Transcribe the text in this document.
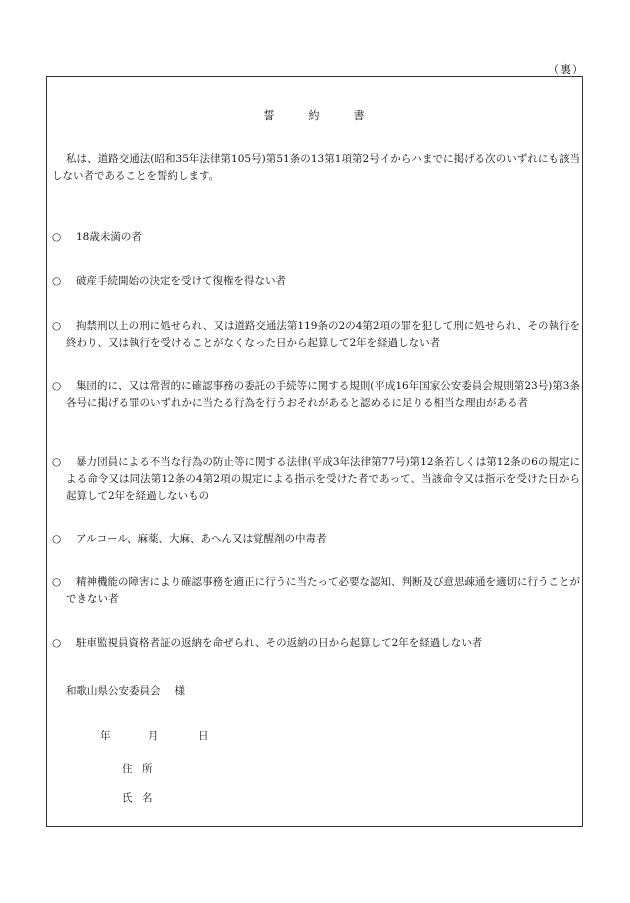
（裏）
誓	約	書

私は、道路交通法(昭和35年法律第105号)第51条の13第1項第2号イからハまでに掲げる次のいずれにも該当しない者であることを誓約します。

○ 18歳未満の者

○ 破産手続開始の決定を受けて復権を得ない者

○ 拘禁刑以上の刑に処せられ、又は道路交通法第119条の2の4第2項の罪を犯して刑に処せられ、その執行を終わり、又は執行を受けることがなくなった日から起算して2年を経過しない者

○ 集団的に、又は常習的に確認事務の委託の手続等に関する規則(平成16年国家公安委員会規則第23号)第3条各号に掲げる罪のいずれかに当たる行為を行うおそれがあると認めるに足りる相当な理由がある者

○ 暴力団員による不当な行為の防止等に関する法律(平成3年法律第77号)第12条若しくは第12条の6の規定による命令又は同法第12条の4第2項の規定による指示を受けた者であって、当該命令又は指示を受けた日から起算して2年を経過しないもの

○ アルコール、麻薬、大麻、あへん又は覚醒剤の中毒者

○ 精神機能の障害により確認事務を適正に行うに当たって必要な認知、判断及び意思疎通を適切に行うことができない者

○ 駐車監視員資格者証の返納を命ぜられ、その返納の日から起算して2年を経過しない者

和歌山県公安委員会 様

年	月	日
住 所
氏 名
